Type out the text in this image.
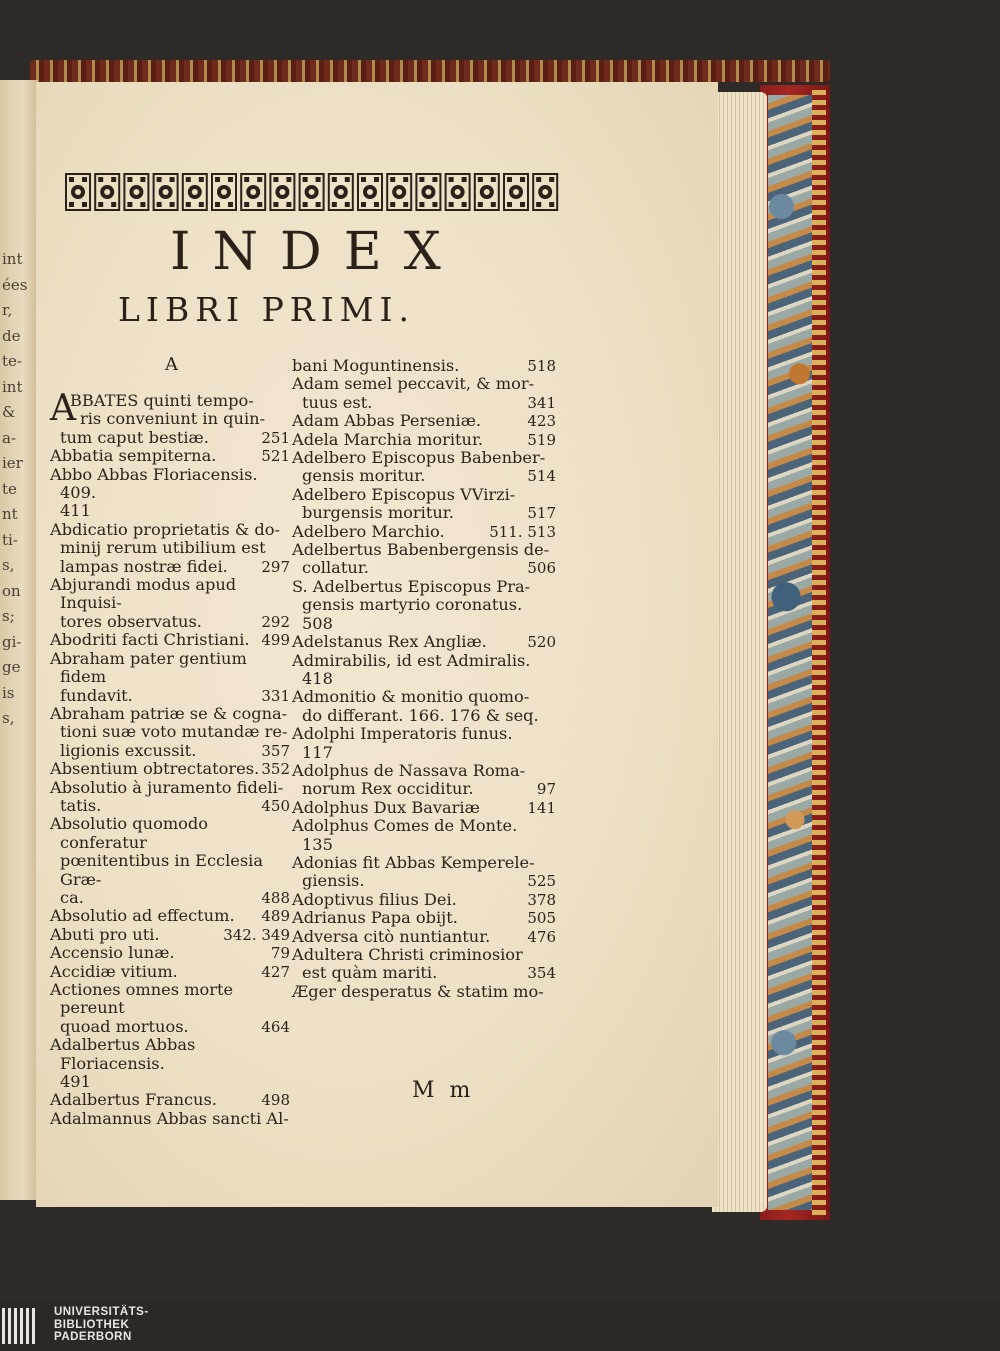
int
ées
r,
de
te-
int
&
a-
ier
te
nt
ti-
s,
on
s;
gi-
ge
is
s,
INDEX
LIBRI PRIMI.
A
A
BBATES quinti tempo-
ris conveniunt in quin-
tum caput bestiæ.	251
Abbatia sempiterna.	521
Abbo Abbas Floriacensis. 409.
411
Abdicatio proprietatis & do-
minij rerum utibilium est
lampas nostræ fidei.	297
Abjurandi modus apud Inquisi-
tores observatus.	292
Abodriti facti Christiani. 499
Abraham pater gentium fidem
fundavit.	331
Abraham patriæ se & cogna-
tioni suæ voto mutandæ re-
ligionis excussit.	357
Absentium obtrectatores. 352
Absolutio à juramento fideli-
tatis.	450
Absolutio quomodo conferatur
pœnitentibus in Ecclesia Græ-
ca.	488
Absolutio ad effectum.	489
Abuti pro uti.	342. 349
Accensio lunæ.	79
Accidiæ vitium.	427
Actiones omnes morte pereunt
quoad mortuos.	464
Adalbertus Abbas Floriacensis.
491
Adalbertus Francus.	498
Adalmannus Abbas sancti Al-
bani Moguntinensis.	518
Adam semel peccavit, & mor-
tuus est.	341
Adam Abbas Perseniæ.	423
Adela Marchia moritur.	519
Adelbero Episcopus Babenber-
gensis moritur.	514
Adelbero Episcopus VVirzi-
burgensis moritur.	517
Adelbero Marchio.	511. 513
Adelbertus Babenbergensis de-
collatur.	506
S. Adelbertus Episcopus Pra-
gensis martyrio coronatus.
508
Adelstanus Rex Angliæ.	520
Admirabilis, id est Admiralis.
418
Admonitio & monitio quomo-
do differant. 166. 176 & seq.
Adolphi Imperatoris funus.
117
Adolphus de Nassava Roma-
norum Rex occiditur.	97
Adolphus Dux Bavariæ	141
Adolphus Comes de Monte.
135
Adonias fit Abbas Kemperele-
giensis.	525
Adoptivus filius Dei.	378
Adrianus Papa obijt.	505
Adversa citò nuntiantur.	476
Adultera Christi criminosior
est quàm mariti.	354
Æger desperatus & statim mo-
M m
UNIVERSITÄTS-
BIBLIOTHEK
PADERBORN
